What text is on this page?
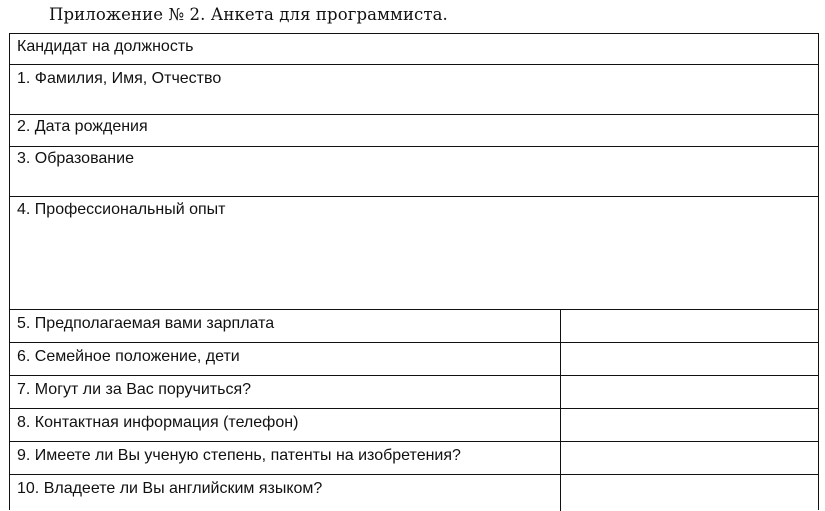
Приложение № 2. Анкета для программиста.
Кандидат на должность
1. Фамилия, Имя, Отчество
2. Дата рождения
3. Образование
4. Профессиональный опыт
5. Предполагаемая вами зарплата
6. Семейное положение, дети
7. Могут ли за Вас поручиться?
8. Контактная информация (телефон)
9. Имеете ли Вы ученую степень, патенты на изобретения?
10. Владеете ли Вы английским языком?
